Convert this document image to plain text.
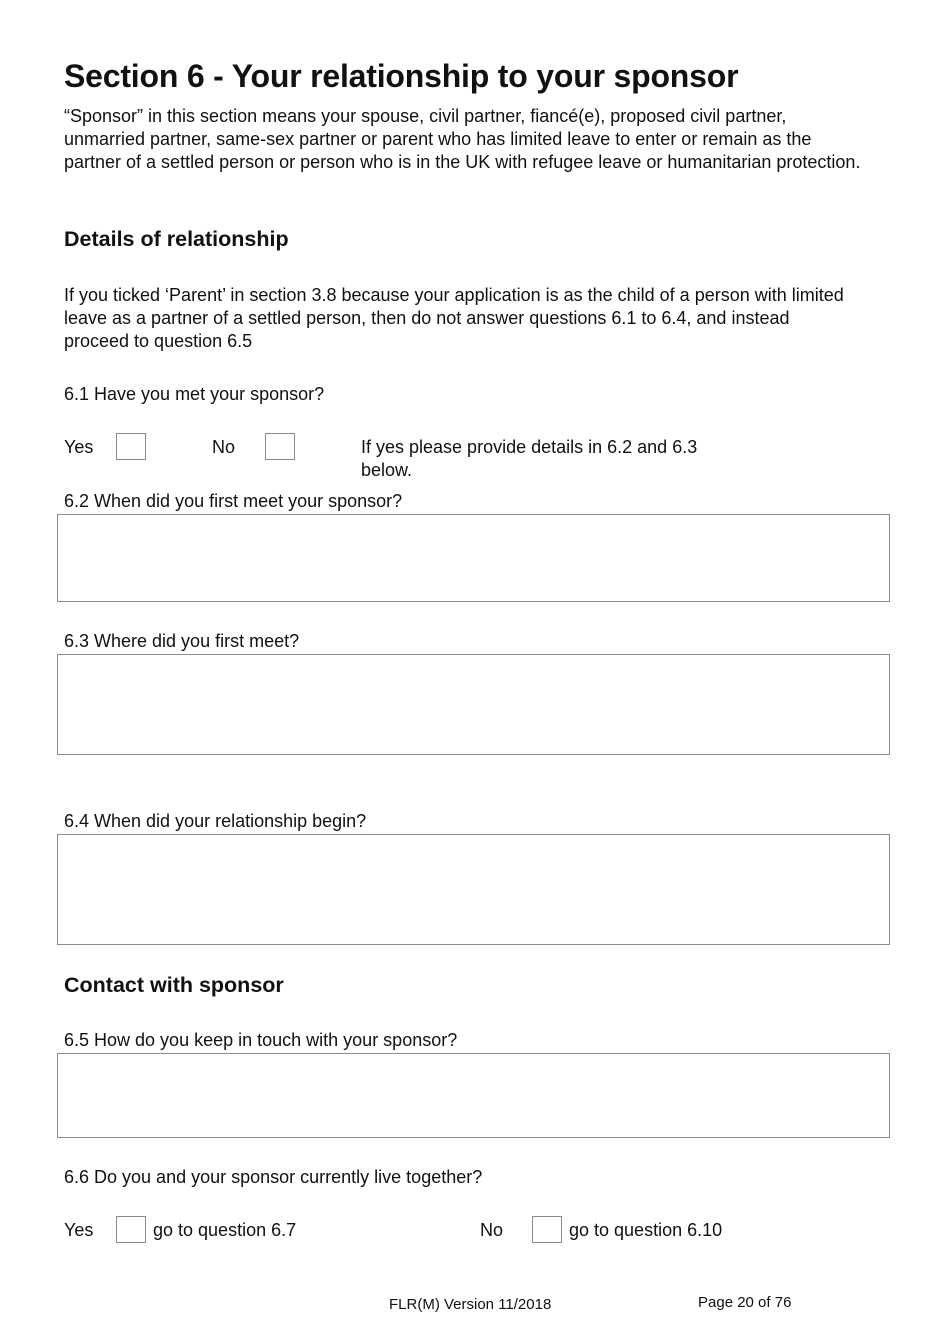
Section 6 - Your relationship to your sponsor

“Sponsor” in this section means your spouse, civil partner, fiancé(e), proposed civil partner, unmarried partner, same-sex partner or parent who has limited leave to enter or remain as the partner of a settled person or person who is in the UK with refugee leave or humanitarian protection.

Details of relationship

If you ticked ‘Parent’ in section 3.8 because your application is as the child of a person with limited leave as a partner of a settled person, then do not answer questions 6.1 to 6.4, and instead proceed to question 6.5

6.1 Have you met your sponsor?
Yes	No	If yes please provide details in 6.2 and 6.3 below.
6.2 When did you first meet your sponsor?
6.3 Where did you first meet?
6.4 When did your relationship begin?
Contact with sponsor
6.5 How do you keep in touch with your sponsor?
6.6 Do you and your sponsor currently live together?
Yes	go to question 6.7	No	go to question 6.10
FLR(M) Version 11/2018	Page 20 of 76
